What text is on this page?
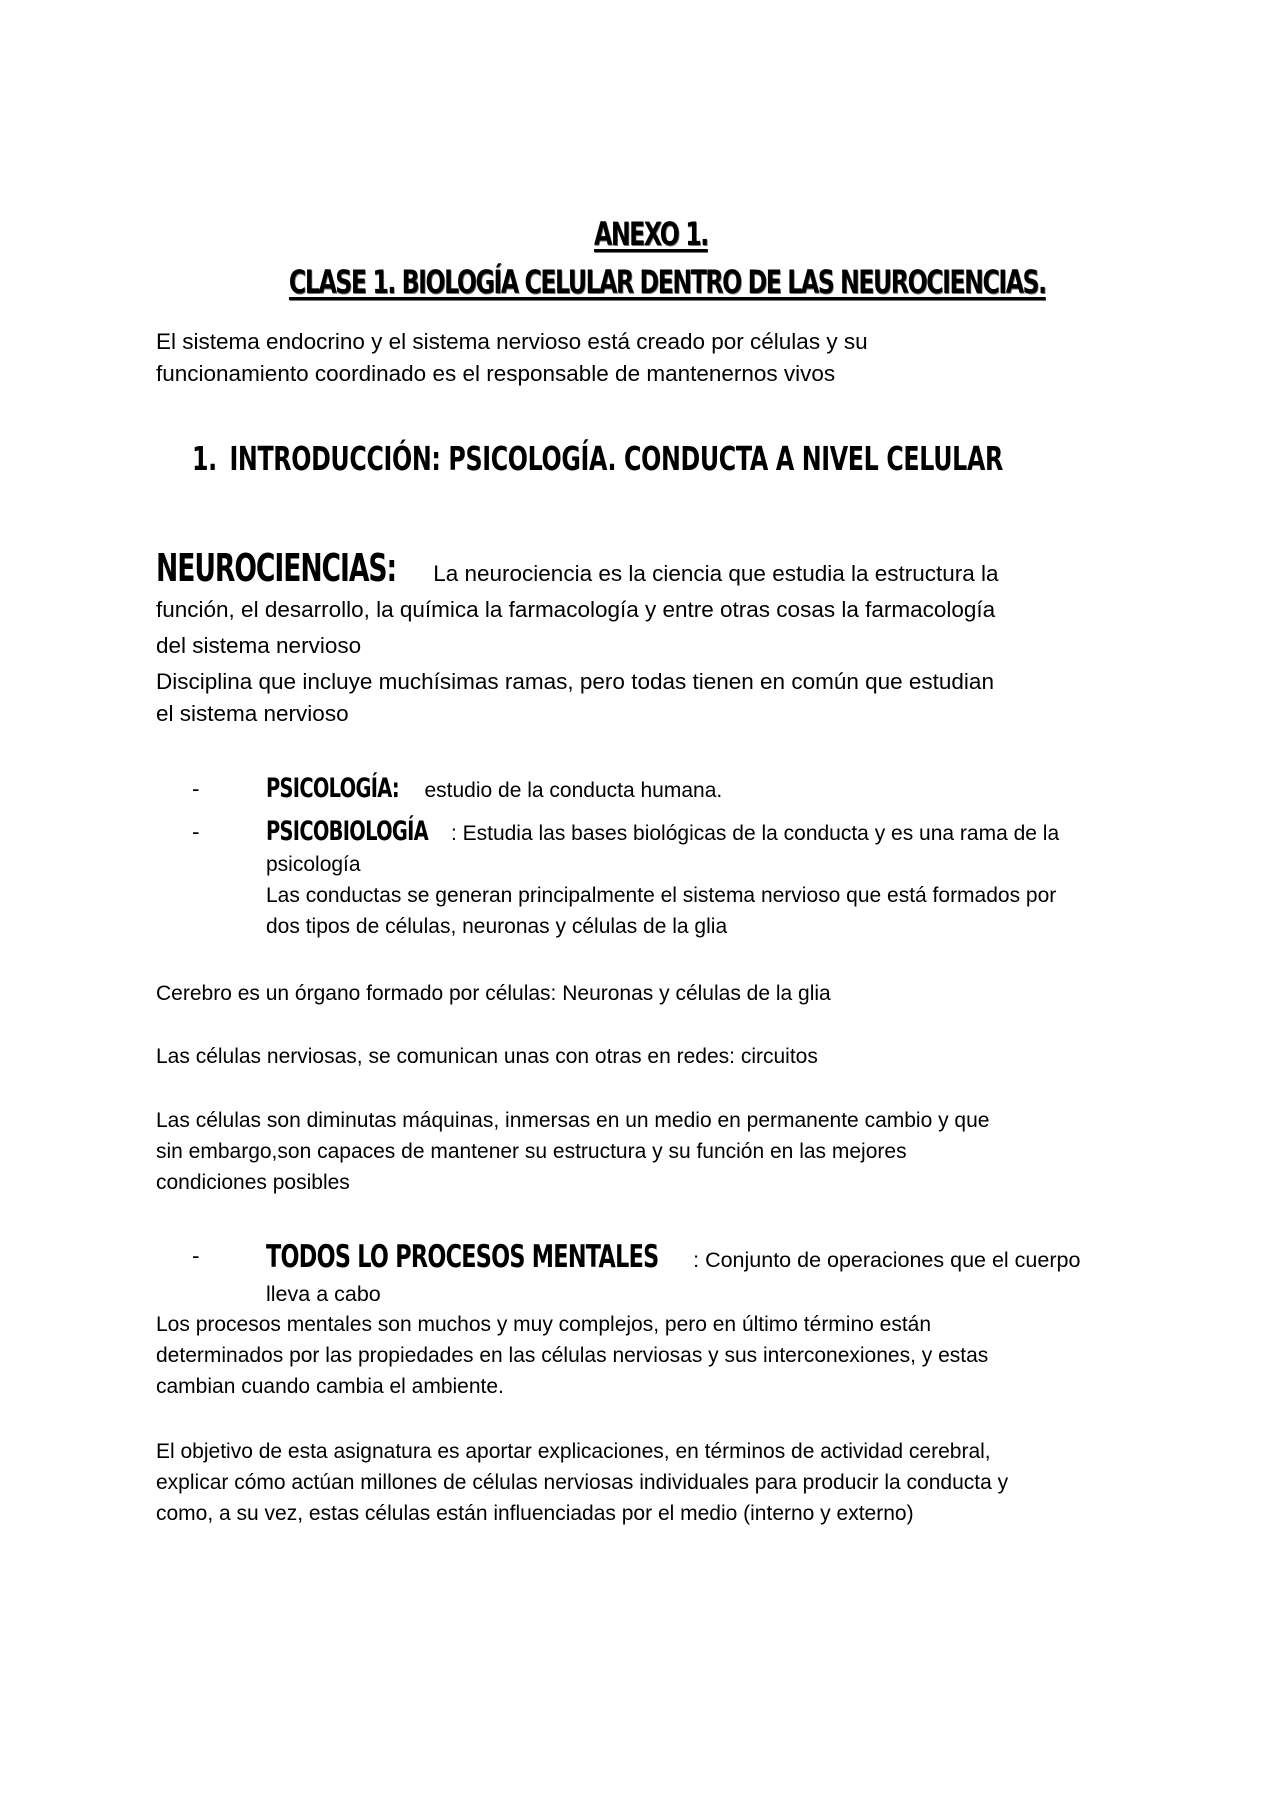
ANEXO 1.
CLASE 1. BIOLOGÍA CELULAR DENTRO DE LAS NEUROCIENCIAS.

El sistema endocrino y el sistema nervioso está creado por células y su
funcionamiento coordinado es el responsable de mantenernos vivos

1. INTRODUCCIÓN: PSICOLOGÍA. CONDUCTA A NIVEL CELULAR

NEUROCIENCIAS: La neurociencia es la ciencia que estudia la estructura la
función, el desarrollo, la química la farmacología y entre otras cosas la farmacología
del sistema nervioso

Disciplina que incluye muchísimas ramas, pero todas tienen en común que estudian
el sistema nervioso

- PSICOLOGÍA: estudio de la conducta humana.
- PSICOBIOLOGÍA : Estudia las bases biológicas de la conducta y es una rama de la
psicología
Las conductas se generan principalmente el sistema nervioso que está formados por
dos tipos de células, neuronas y células de la glia

Cerebro es un órgano formado por células: Neuronas y células de la glia

Las células nerviosas, se comunican unas con otras en redes: circuitos

Las células son diminutas máquinas, inmersas en un medio en permanente cambio y que
sin embargo,son capaces de mantener su estructura y su función en las mejores
condiciones posibles

- TODOS LO PROCESOS MENTALES : Conjunto de operaciones que el cuerpo
lleva a cabo

Los procesos mentales son muchos y muy complejos, pero en último término están
determinados por las propiedades en las células nerviosas y sus interconexiones, y estas
cambian cuando cambia el ambiente.

El objetivo de esta asignatura es aportar explicaciones, en términos de actividad cerebral,
explicar cómo actúan millones de células nerviosas individuales para producir la conducta y
como, a su vez, estas células están influenciadas por el medio (interno y externo)
